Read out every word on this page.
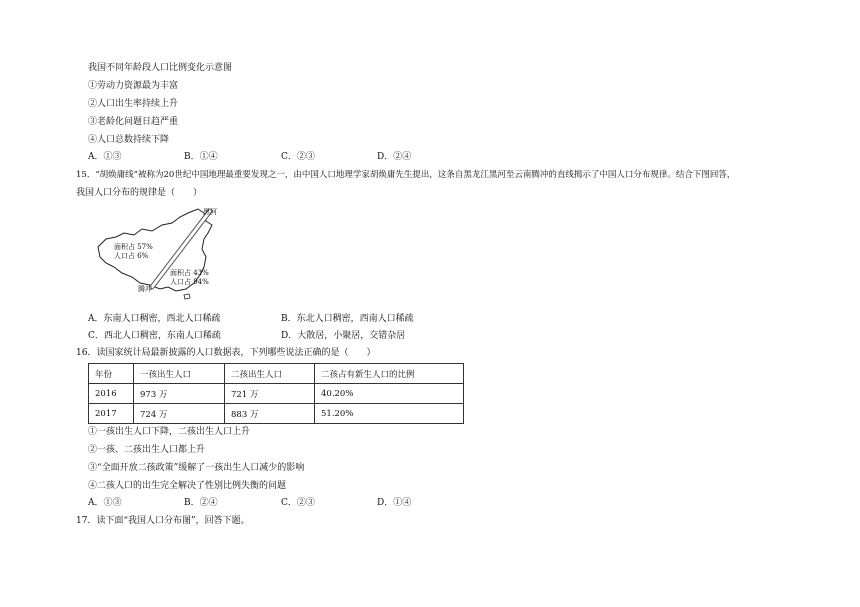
我国不同年龄段人口比例变化示意图
①劳动力资源最为丰富
②人口出生率持续上升
③老龄化问题日趋严重
④人口总数持续下降
A．①③	B．①④	C．②③	D．②④
15．“胡焕庸线”被称为20世纪中国地理最重要发现之一，由中国人口地理学家胡焕庸先生提出，这条自黑龙江黑河至云南腾冲的直线揭示了中国人口分布规律。结合下图回答，
我国人口分布的规律是（　　）
黑河
腾冲
面积占 57%
人口占 6%
面积占 43%
人口占 94%
A．东南人口稠密，西北人口稀疏	B．东北人口稠密，西南人口稀疏
C．西北人口稠密，东南人口稀疏	D．大散居，小聚居，交错杂居
16．读国家统计局最新披露的人口数据表，下列哪些说法正确的是（　　）
年份	一孩出生人口	二孩出生人口	二孩占有新生人口的比例
2016	973 万	721 万	40.20%
2017	724 万	883 万	51.20%
①一孩出生人口下降，二孩出生人口上升
②一孩、二孩出生人口都上升
③“全面开放二孩政策”缓解了一孩出生人口减少的影响
④二孩人口的出生完全解决了性别比例失衡的问题
A．①③	B．②④	C．②③	D．①④
17．读下面“我国人口分布图”，回答下题。
